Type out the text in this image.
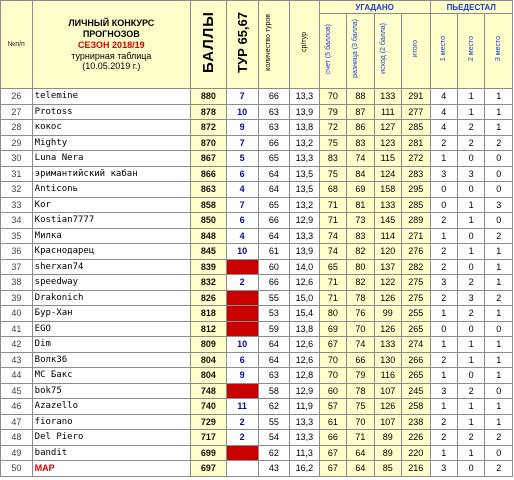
№п/п	ЛИЧНЫЙ КОНКУРС
ПРОГНОЗОВ
СЕЗОН 2018/19
турнирная таблица
(10.05.2019 г.)	БАЛЛЫ	ТУР 65,67	количество туров	ср/тур	УГАДАНО				ПЬЕДЕСТАЛ		
						счет (5 баллов)	разница (3 балла)	исход (2 балла)	итого	1 место	2 место	3 место
26	telemine	880	7	66	13,3	70	88	133	291	4	1	1
27	Protoss	878	10	63	13,9	79	87	111	277	4	1	1
28	кокос	872	9	63	13,8	72	86	127	285	4	2	1
29	Mighty	870	7	66	13,2	75	83	123	281	2	2	2
30	Luna Nera	867	5	65	13,3	83	74	115	272	1	0	0
31	эримантийский кабан	866	6	64	13,5	75	84	124	283	3	3	0
32	Anticonь	863	4	64	13,5	68	69	158	295	0	0	0
33	Kor	858	7	65	13,2	71	81	133	285	0	1	3
34	Kostian7777	850	6	66	12,9	71	73	145	289	2	1	0
35	Милка	848	4	64	13,3	74	83	114	271	1	0	2
36	Краснодарец	845	10	61	13,9	74	82	120	276	2	1	1
37	sherxan74	839		60	14,0	65	80	137	282	2	0	1
38	speedway	832	2	66	12,6	71	82	122	275	3	2	1
39	Drakonich	826		55	15,0	71	78	126	275	2	3	2
40	Бур-Хан	818		53	15,4	80	76	99	255	1	2	1
41	EGO	812		59	13,8	69	70	126	265	0	0	0
42	Dim	809	10	64	12,6	67	74	133	274	1	1	1
43	Волк36	804	6	64	12,6	70	66	130	266	2	1	1
44	МС Бакс	804	9	63	12,8	70	79	116	265	1	0	1
45	bok75	748		58	12,9	60	78	107	245	3	2	0
46	Azazello	740	11	62	11,9	57	75	126	258	1	1	1
47	fiorano	729	2	55	13,3	61	70	107	238	2	1	1
48	Del Piero	717	2	54	13,3	66	71	89	226	2	2	2
49	bandit	699		62	11,3	67	64	89	220	1	1	0
50	МАР	697		43	16,2	67	64	85	216	3	0	2
